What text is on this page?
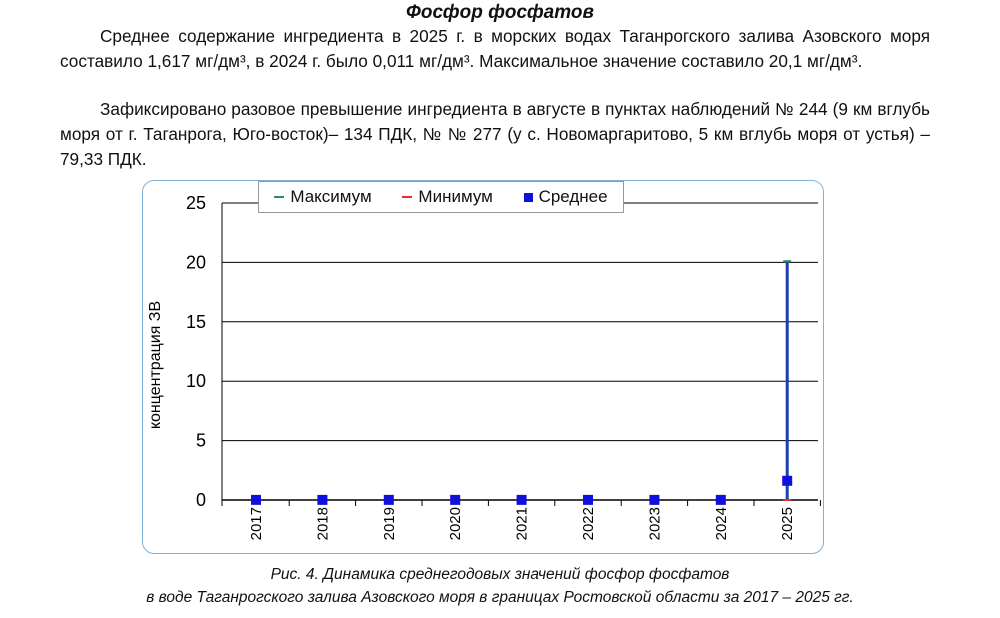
Фосфор фосфатов
Среднее содержание ингредиента в 2025 г. в морских водах Таганрогского залива Азовского моря составило 1,617 мг/дм³, в 2024 г. было 0,011 мг/дм³. Максимальное значение составило 20,1 мг/дм³.
Зафиксировано разовое превышение ингредиента в августе в пунктах наблюдений № 244 (9 км вглубь моря от г. Таганрога, Юго-восток)– 134 ПДК, № № 277 (у с. Новомаргаритово, 5 км вглубь моря от устья) – 79,33 ПДК.
0
5
10
15
20
25
2017	2018	2019	2020	2021	2022	2023	2024	2025
концентрация ЗВ
Максимум	Минимум	Среднее
Рис. 4. Динамика среднегодовых значений фосфор фосфатов
в воде Таганрогского залива Азовского моря в границах Ростовской области за 2017 – 2025 гг.
